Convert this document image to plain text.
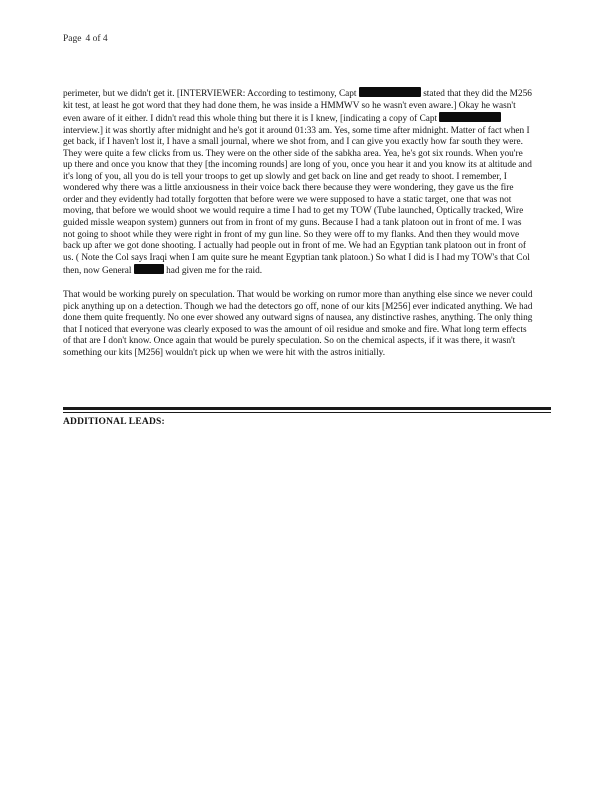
Page 4 of 4

perimeter, but we didn't get it. [INTERVIEWER: According to testimony, Capt	stated that they did the M256 kit test, at least he got word that they had done them, he was inside a HMMWV so he wasn't even aware.] Okay he wasn't even aware of it either. I didn't read this whole thing but there it is I knew, [indicating a copy of Capt  interview.] it was shortly after midnight and he's got it around 01:33 am. Yes, some time after midnight. Matter of fact when I get back, if I haven't lost it, I have a small journal, where we shot from, and I can give you exactly how far south they were. They were quite a few clicks from us. They were on the other side of the sabkha area. Yea, he's got six rounds. When you're up there and once you know that they [the incoming rounds] are long of you, once you hear it and you know its at altitude and it's long of you, all you do is tell your troops to get up slowly and get back on line and get ready to shoot. I remember, I wondered why there was a little anxiousness in their voice back there because they were wondering, they gave us the fire order and they evidently had totally forgotten that before were we were supposed to have a static target, one that was not moving, that before we would shoot we would require a time I had to get my TOW (Tube launched, Optically tracked, Wire guided missle weapon system) gunners out from in front of my guns. Because I had a tank platoon out in front of me. I was not going to shoot while they were right in front of my gun line. So they were off to my flanks. And then they would move back up after we got done shooting. I actually had people out in front of me. We had an Egyptian tank platoon out in front of us. ( Note the Col says Iraqi when I am quite sure he meant Egyptian tank platoon.) So what I did is I had my TOW's that Col then, now General	had given me for the raid.

That would be working purely on speculation. That would be working on rumor more than anything else since we never could pick anything up on a detection. Though we had the detectors go off, none of our kits [M256] ever indicated anything. We had done them quite frequently. No one ever showed any outward signs of nausea, any distinctive rashes, anything. The only thing that I noticed that everyone was clearly exposed to was the amount of oil residue and smoke and fire. What long term effects of that are I don't know. Once again that would be purely speculation. So on the chemical aspects, if it was there, it wasn't something our kits [M256] wouldn't pick up when we were hit with the astros initially.

ADDITIONAL LEADS:
